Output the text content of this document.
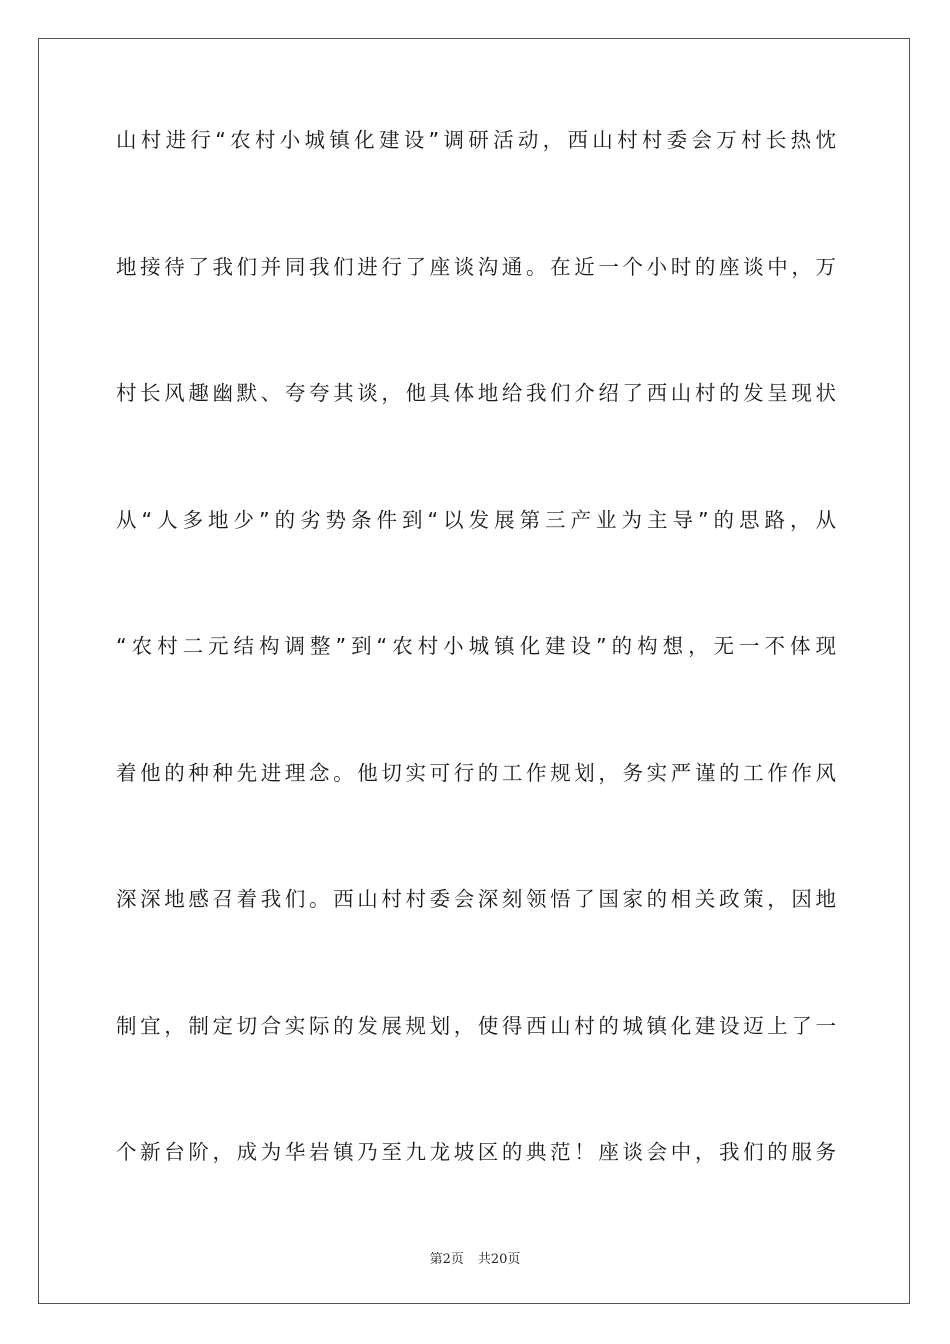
山村进行“农村小城镇化建设”调研活动，西山村村委会万村长热忱
地接待了我们并同我们进行了座谈沟通。在近一个小时的座谈中，万
村长风趣幽默、夸夸其谈，他具体地给我们介绍了西山村的发呈现状
从“人多地少”的劣势条件到“以发展第三产业为主导”的思路，从
“农村二元结构调整”到“农村小城镇化建设”的构想，无一不体现
着他的种种先进理念。他切实可行的工作规划，务实严谨的工作作风
深深地感召着我们。西山村村委会深刻领悟了国家的相关政策，因地
制宜，制定切合实际的发展规划，使得西山村的城镇化建设迈上了一
个新台阶，成为华岩镇乃至九龙坡区的典范！座谈会中，我们的服务
第2页 共20页
